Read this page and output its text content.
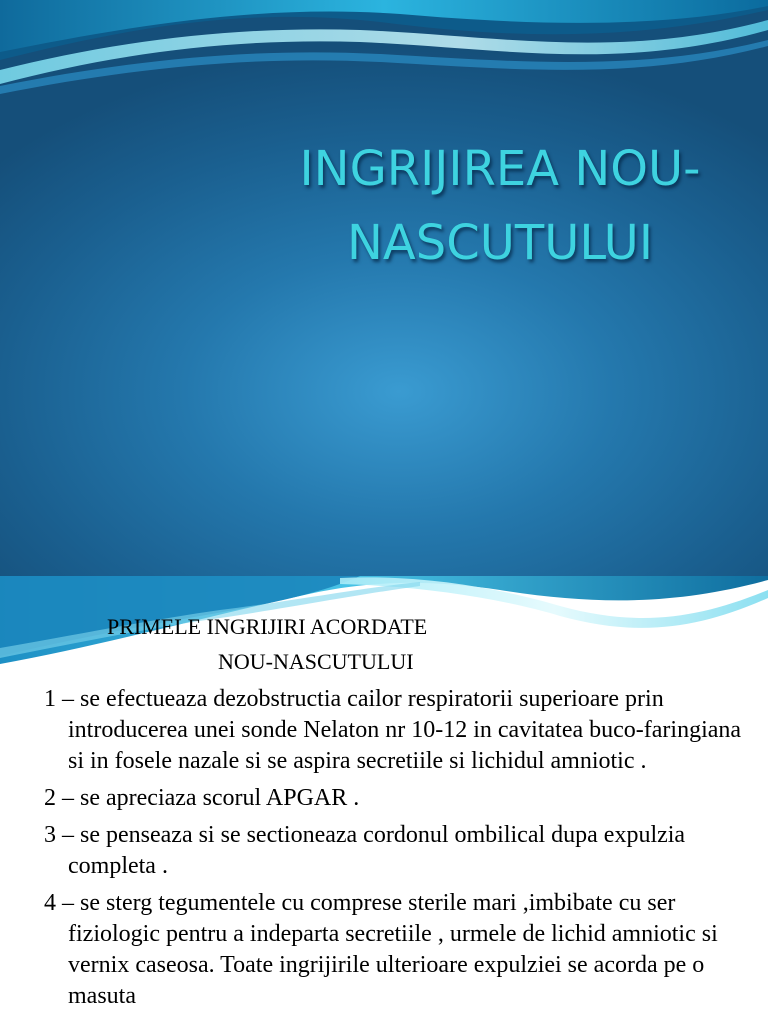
INGRIJIREA NOU-
NASCUTULUI
PRIMELE INGRIJIRI ACORDATE
NOU-NASCUTULUI
1 – se efectueaza dezobstructia cailor respiratorii superioare prin introducerea unei sonde Nelaton nr 10-12 in cavitatea buco-faringiana si in fosele nazale si se aspira secretiile si lichidul amniotic .
2 – se apreciaza scorul APGAR .
3 – se penseaza si se sectioneaza cordonul ombilical dupa expulzia completa .
4 – se sterg tegumentele cu comprese sterile mari ,imbibate cu ser fiziologic pentru a indeparta secretiile , urmele de lichid amniotic si vernix caseosa. Toate ingrijirile ulterioare expulziei se acorda pe o masuta
